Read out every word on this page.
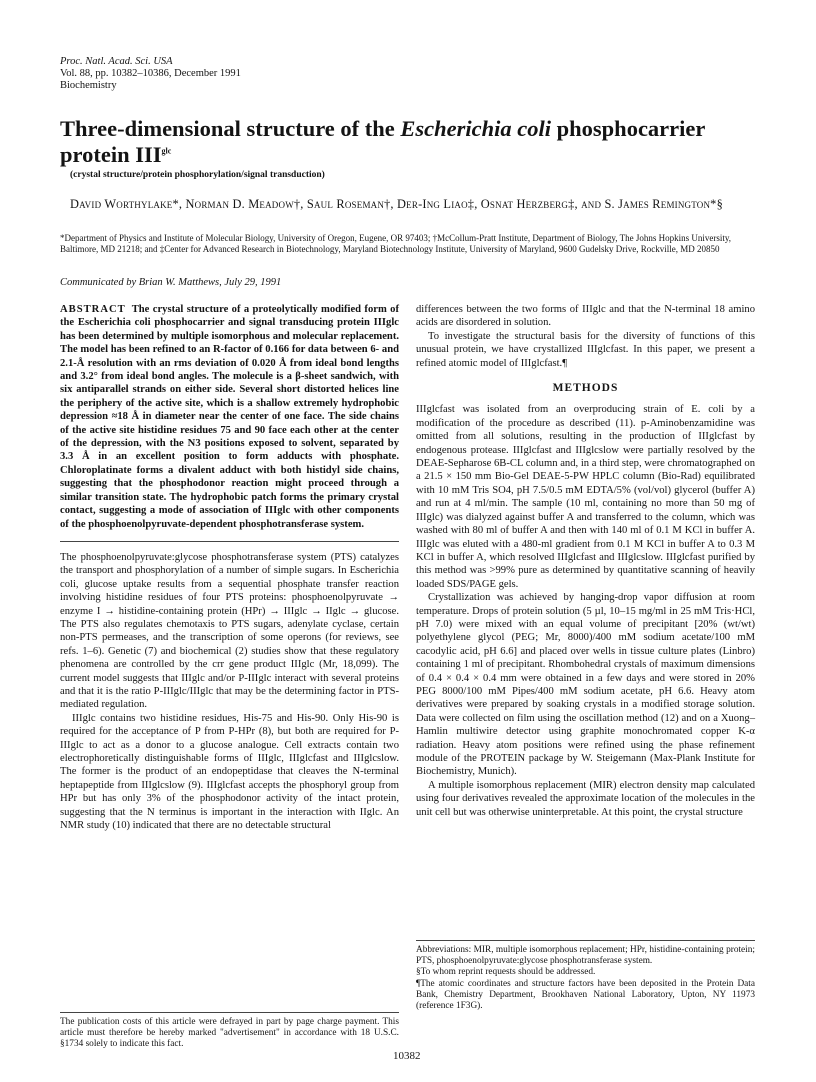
Proc. Natl. Acad. Sci. USA
Vol. 88, pp. 10382–10386, December 1991
Biochemistry
Three-dimensional structure of the Escherichia coli phosphocarrier protein $III^{glc}$
(crystal structure/protein phosphorylation/signal transduction)
David Worthylake*, Norman D. Meadow†, Saul Roseman†, Der-Ing Liao‡, Osnat Herzberg‡, and S. James Remington*§
*Department of Physics and Institute of Molecular Biology, University of Oregon, Eugene, OR 97403; †McCollum-Pratt Institute, Department of Biology, The Johns Hopkins University, Baltimore, MD 21218; and ‡Center for Advanced Research in Biotechnology, Maryland Biotechnology Institute, University of Maryland, 9600 Gudelsky Drive, Rockville, MD 20850
Communicated by Brian W. Matthews, July 29, 1991

ABSTRACT The crystal structure of a proteolytically modified form of the Escherichia coli phosphocarrier and signal transducing protein IIIglc has been determined by multiple isomorphous and molecular replacement. The model has been refined to an R-factor of 0.166 for data between 6- and 2.1-Å resolution with an rms deviation of 0.020 Å from ideal bond lengths and 3.2° from ideal bond angles. The molecule is a β-sheet sandwich, with six antiparallel strands on either side. Several short distorted helices line the periphery of the active site, which is a shallow extremely hydrophobic depression ≈18 Å in diameter near the center of one face. The side chains of the active site histidine residues 75 and 90 face each other at the center of the depression, with the N3 positions exposed to solvent, separated by 3.3 Å in an excellent position to form adducts with phosphate. Chloroplatinate forms a divalent adduct with both histidyl side chains, suggesting that the phosphodonor reaction might proceed through a similar transition state. The hydrophobic patch forms the primary crystal contact, suggesting a mode of association of IIIglc with other components of the phosphoenolpyruvate-dependent phosphotransferase system.

The phosphoenolpyruvate:glycose phosphotransferase system (PTS) catalyzes the transport and phosphorylation of a number of simple sugars. In Escherichia coli, glucose uptake results from a sequential phosphate transfer reaction involving histidine residues of four PTS proteins: phosphoenolpyruvate → enzyme I → histidine-containing protein (HPr) → IIIglc → IIglc → glucose. The PTS also regulates chemotaxis to PTS sugars, adenylate cyclase, certain non-PTS permeases, and the transcription of some operons (for reviews, see refs. 1–6). Genetic (7) and biochemical (2) studies show that these regulatory phenomena are controlled by the crr gene product IIIglc (Mr, 18,099). The current model suggests that IIIglc and/or P-IIIglc interact with several proteins and that it is the ratio P-IIIglc/IIIglc that may be the determining factor in PTS-mediated regulation.

IIIglc contains two histidine residues, His-75 and His-90. Only His-90 is required for the acceptance of P from P-HPr (8), but both are required for P-IIIglc to act as a donor to a glucose analogue. Cell extracts contain two electrophoretically distinguishable forms of IIIglc, IIIglcfast and IIIglcslow. The former is the product of an endopeptidase that cleaves the N-terminal heptapeptide from IIIglcslow (9). IIIglcfast accepts the phosphoryl group from HPr but has only 3% of the phosphodonor activity of the intact protein, suggesting that the N terminus is important in the interaction with IIglc. An NMR study (10) indicated that there are no detectable structural

The publication costs of this article were defrayed in part by page charge payment. This article must therefore be hereby marked "advertisement" in accordance with 18 U.S.C. §1734 solely to indicate this fact.

differences between the two forms of IIIglc and that the N-terminal 18 amino acids are disordered in solution.

To investigate the structural basis for the diversity of functions of this unusual protein, we have crystallized IIIglcfast. In this paper, we present a refined atomic model of IIIglcfast.¶

METHODS

IIIglcfast was isolated from an overproducing strain of E. coli by a modification of the procedure as described (11). p-Aminobenzamidine was omitted from all solutions, resulting in the production of IIIglcfast by endogenous protease. IIIglcfast and IIIglcslow were partially resolved by the DEAE-Sepharose 6B-CL column and, in a third step, were chromatographed on a 21.5 × 150 mm Bio-Gel DEAE-5-PW HPLC column (Bio-Rad) equilibrated with 10 mM Tris SO4, pH 7.5/0.5 mM EDTA/5% (vol/vol) glycerol (buffer A) and run at 4 ml/min. The sample (10 ml, containing no more than 50 mg of IIIglc) was dialyzed against buffer A and transferred to the column, which was washed with 80 ml of buffer A and then with 140 ml of 0.1 M KCl in buffer A. IIIglc was eluted with a 480-ml gradient from 0.1 M KCl in buffer A to 0.3 M KCl in buffer A, which resolved IIIglcfast and IIIglcslow. IIIglcfast purified by this method was >99% pure as determined by quantitative scanning of heavily loaded SDS/PAGE gels.

Crystallization was achieved by hanging-drop vapor diffusion at room temperature. Drops of protein solution (5 µl, 10–15 mg/ml in 25 mM Tris·HCl, pH 7.0) were mixed with an equal volume of precipitant [20% (wt/wt) polyethylene glycol (PEG; Mr, 8000)/400 mM sodium acetate/100 mM cacodylic acid, pH 6.6] and placed over wells in tissue culture plates (Linbro) containing 1 ml of precipitant. Rhombohedral crystals of maximum dimensions of 0.4 × 0.4 × 0.4 mm were obtained in a few days and were stored in 20% PEG 8000/100 mM Pipes/400 mM sodium acetate, pH 6.6. Heavy atom derivatives were prepared by soaking crystals in a modified storage solution. Data were collected on film using the oscillation method (12) and on a Xuong–Hamlin multiwire detector using graphite monochromated copper K-α radiation. Heavy atom positions were refined using the phase refinement module of the PROTEIN package by W. Steigemann (Max-Plank Institute for Biochemistry, Munich).

A multiple isomorphous replacement (MIR) electron density map calculated using four derivatives revealed the approximate location of the molecules in the unit cell but was otherwise uninterpretable. At this point, the crystal structure

Abbreviations: MIR, multiple isomorphous replacement; HPr, histidine-containing protein; PTS, phosphoenolpyruvate:glycose phosphotransferase system.
§To whom reprint requests should be addressed.
¶The atomic coordinates and structure factors have been deposited in the Protein Data Bank, Chemistry Department, Brookhaven National Laboratory, Upton, NY 11973 (reference 1F3G).
10382
